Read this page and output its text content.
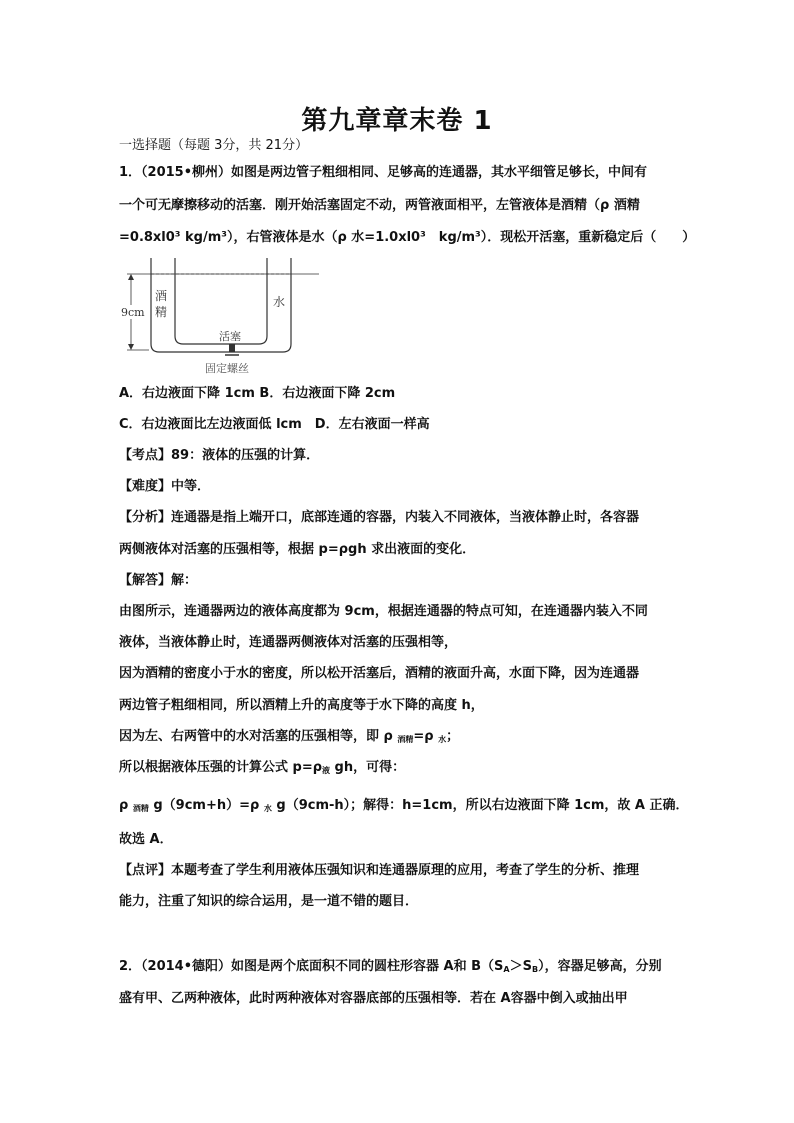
第九章章末卷 1
一选择题（每题 3分，共 21分）
1．（2015•柳州）如图是两边管子粗细相同、足够高的连通器，其水平细管足够长，中间有
一个可无摩擦移动的活塞．刚开始活塞固定不动，两管液面相平，左管液体是酒精（ρ 酒精
=0.8xl0³ kg/m³），右管液体是水（ρ 水=1.0xl0³　kg/m³）．现松开活塞，重新稳定后（　　）
9cm
酒
精
水
活塞
固定螺丝
A．右边液面下降 1cm B．右边液面下降 2cm
C．右边液面比左边液面低 lcm　D．左右液面一样高
【考点】89：液体的压强的计算．
【难度】中等．
【分析】连通器是指上端开口，底部连通的容器，内装入不同液体，当液体静止时，各容器
两侧液体对活塞的压强相等，根据 p=ρgh 求出液面的变化．
【解答】解：
由图所示，连通器两边的液体高度都为 9cm，根据连通器的特点可知，在连通器内装入不同
液体，当液体静止时，连通器两侧液体对活塞的压强相等，
因为酒精的密度小于水的密度，所以松开活塞后，酒精的液面升高，水面下降，因为连通器
两边管子粗细相同，所以酒精上升的高度等于水下降的高度 h，
因为左、右两管中的水对活塞的压强相等，即 ρ $_{酒精}$=ρ $_水$；
所以根据液体压强的计算公式 $p=\rho_液$ gh，可得：
ρ $_{酒精}$ g（9cm+h）=ρ $_水$ g（9cm-h）；解得：h=1cm，所以右边液面下降 1cm，故 A 正确．
故选 A．
【点评】本题考查了学生利用液体压强知识和连通器原理的应用，考查了学生的分析、推理
能力，注重了知识的综合运用，是一道不错的题目．
2．（2014•德阳）如图是两个底面积不同的圆柱形容器 A和 $B(S_A>S_B)$，容器足够高，分别
盛有甲、乙两种液体，此时两种液体对容器底部的压强相等．若在 A容器中倒入或抽出甲
